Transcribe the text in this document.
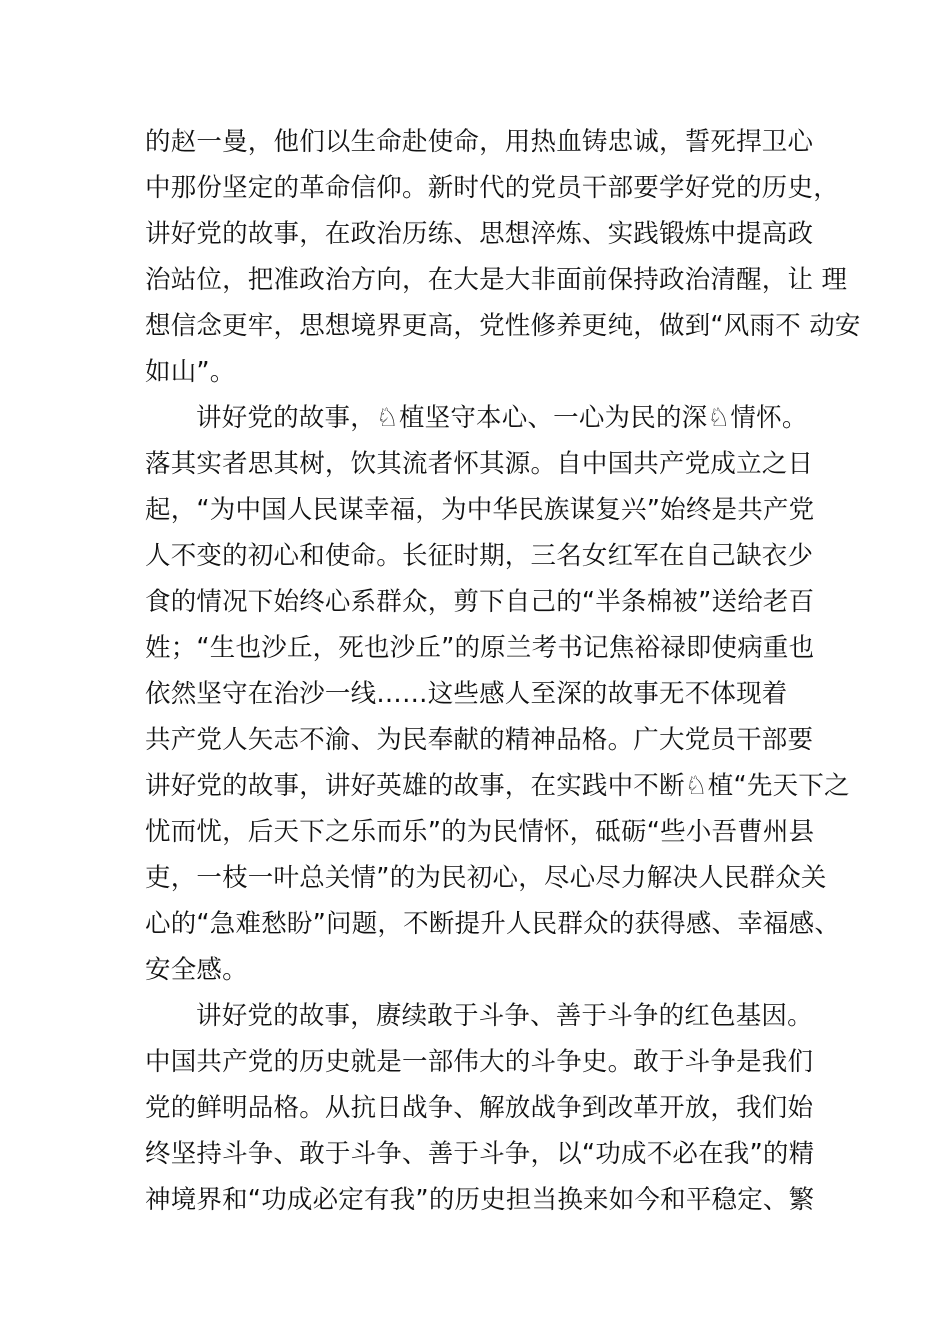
的赵一曼，他们以生命赴使命，用热血铸忠诚，誓死捍卫心
中那份坚定的革命信仰。新时代的党员干部要学好党的历史，
讲好党的故事，在政治历练、思想淬炼、实践锻炼中提高政
治站位，把准政治方向，在大是大非面前保持政治清醒，让 理
想信念更牢，思想境界更高，党性修养更纯，做到“风雨不 动安
如山”。
讲好党的故事，♘植坚守本心、一心为民的深♘情怀。
落其实者思其树，饮其流者怀其源。自中国共产党成立之日
起，“为中国人民谋幸福，为中华民族谋复兴”始终是共产党
人不变的初心和使命。长征时期，三名女红军在自己缺衣少
食的情况下始终心系群众，剪下自己的“半条棉被”送给老百
姓；“生也沙丘，死也沙丘”的原兰考书记焦裕禄即使病重也
依然坚守在治沙一线……这些感人至深的故事无不体现着
共产党人矢志不渝、为民奉献的精神品格。广大党员干部要
讲好党的故事，讲好英雄的故事，在实践中不断♘植“先天下之
忧而忧，后天下之乐而乐”的为民情怀，砥砺“些小吾曹州县
吏，一枝一叶总关情”的为民初心，尽心尽力解决人民群众关
心的“急难愁盼”问题，不断提升人民群众的获得感、幸福感、
安全感。
讲好党的故事，赓续敢于斗争、善于斗争的红色基因。
中国共产党的历史就是一部伟大的斗争史。敢于斗争是我们
党的鲜明品格。从抗日战争、解放战争到改革开放，我们始
终坚持斗争、敢于斗争、善于斗争，以“功成不必在我”的精
神境界和“功成必定有我”的历史担当换来如今和平稳定、繁
